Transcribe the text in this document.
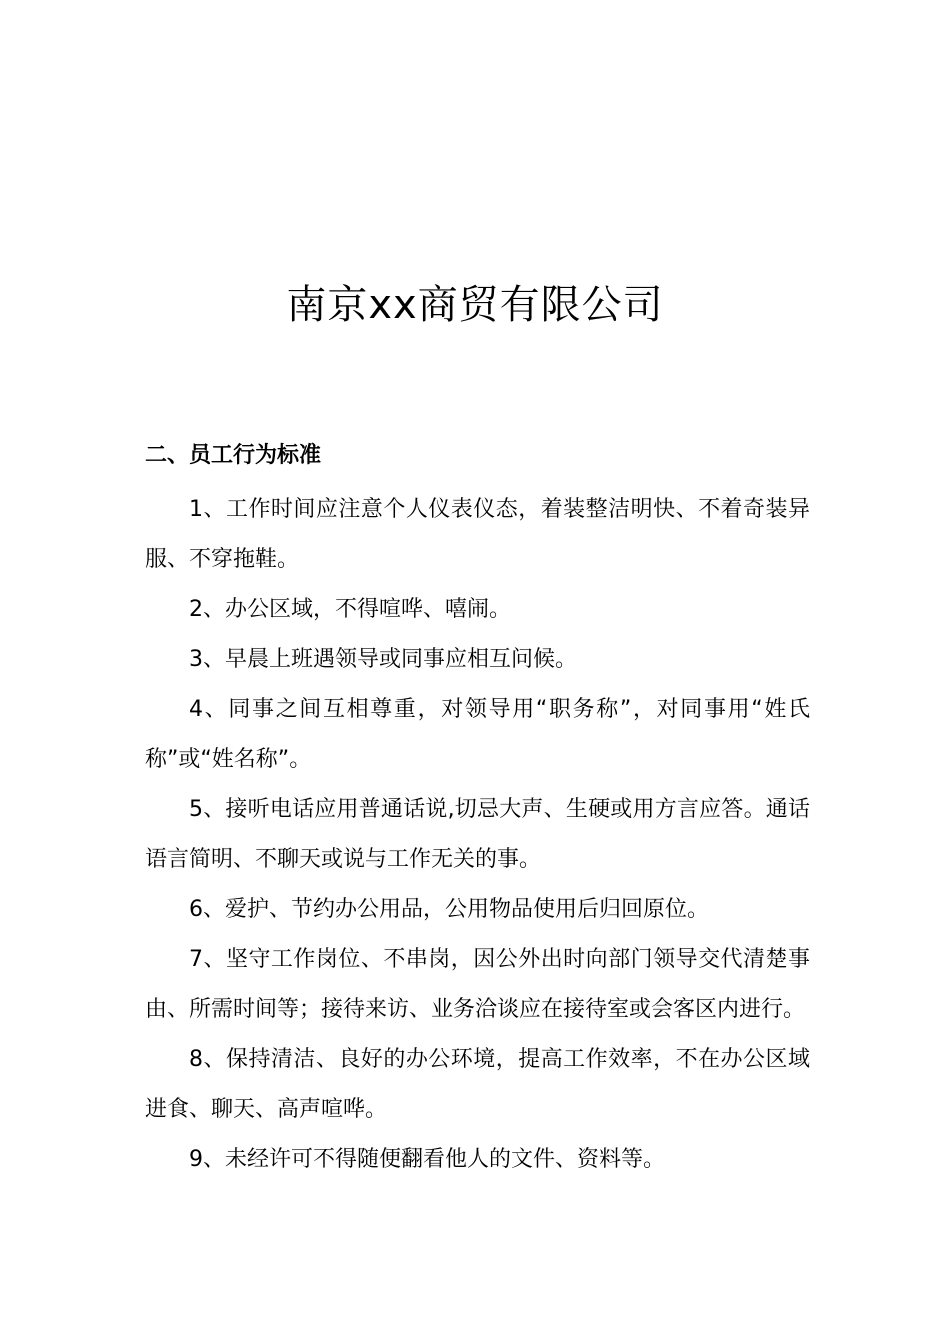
南京xx商贸有限公司
二、员工行为标准

1、工作时间应注意个人仪表仪态，着装整洁明快、不着奇装异服、不穿拖鞋。

2、办公区域，不得喧哗、嘻闹。

3、早晨上班遇领导或同事应相互问候。

4、同事之间互相尊重，对领导用“职务称”，对同事用“姓氏称”或“姓名称”。

5、接听电话应用普通话说,切忌大声、生硬或用方言应答。通话语言简明、不聊天或说与工作无关的事。

6、爱护、节约办公用品，公用物品使用后归回原位。

7、坚守工作岗位、不串岗，因公外出时向部门领导交代清楚事由、所需时间等；接待来访、业务洽谈应在接待室或会客区内进行。

8、保持清洁、良好的办公环境，提高工作效率，不在办公区域进食、聊天、高声喧哗。

9、未经许可不得随便翻看他人的文件、资料等。
